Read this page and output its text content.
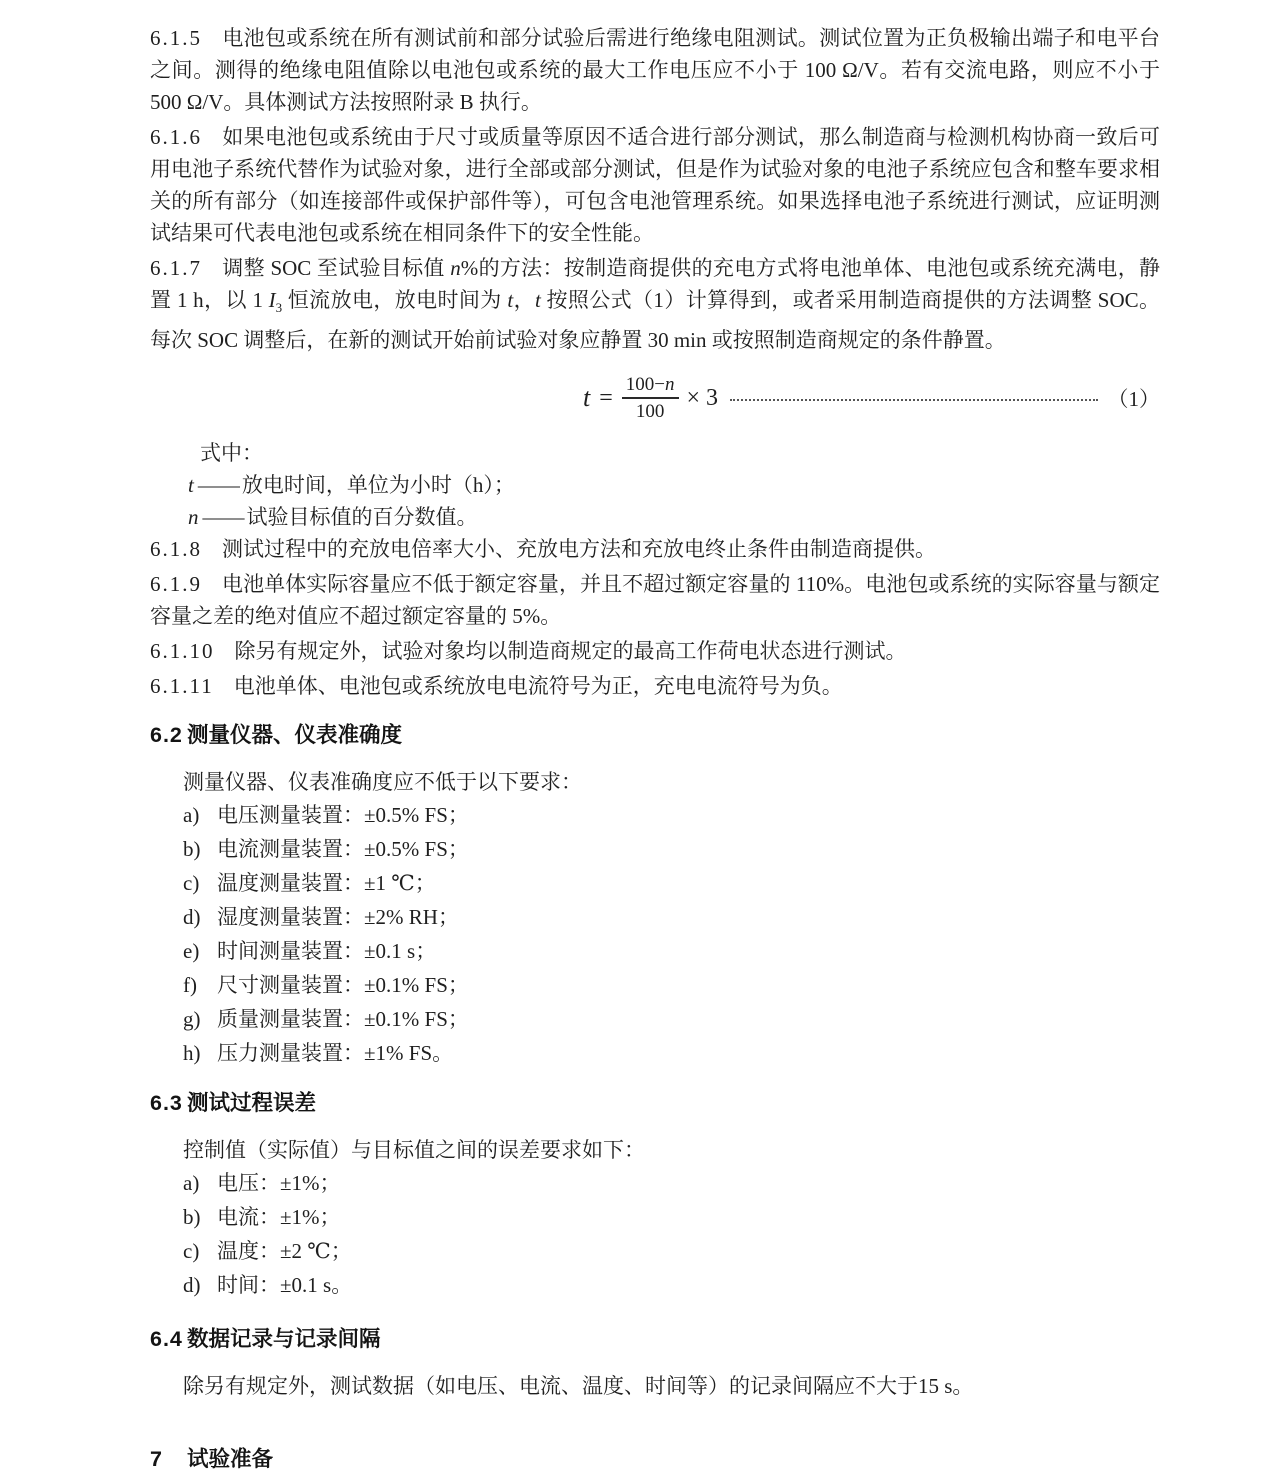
6.1.5 电池包或系统在所有测试前和部分试验后需进行绝缘电阻测试。测试位置为正负极输出端子和电平台之间。测得的绝缘电阻值除以电池包或系统的最大工作电压应不小于 100 Ω/V。若有交流电路，则应不小于 500 Ω/V。具体测试方法按照附录 B 执行。

6.1.6 如果电池包或系统由于尺寸或质量等原因不适合进行部分测试，那么制造商与检测机构协商一致后可用电池子系统代替作为试验对象，进行全部或部分测试，但是作为试验对象的电池子系统应包含和整车要求相关的所有部分（如连接部件或保护部件等），可包含电池管理系统。如果选择电池子系统进行测试，应证明测试结果可代表电池包或系统在相同条件下的安全性能。

6.1.7 调整 SOC 至试验目标值 n%的方法：按制造商提供的充电方式将电池单体、电池包或系统充满电，静置 1 h，以 1 $I_3$ 恒流放电，放电时间为 t，t 按照公式（1）计算得到，或者采用制造商提供的方法调整 SOC。每次 SOC 调整后，在新的测试开始前试验对象应静置 30 min 或按照制造商规定的条件静置。

$t = \frac{100-n}{100} \times 3$	（1）

式中：

t ——放电时间，单位为小时（h）；

n ——试验目标值的百分数值。

6.1.8 测试过程中的充放电倍率大小、充放电方法和充放电终止条件由制造商提供。

6.1.9 电池单体实际容量应不低于额定容量，并且不超过额定容量的 110%。电池包或系统的实际容量与额定容量之差的绝对值应不超过额定容量的 5%。

6.1.10 除另有规定外，试验对象均以制造商规定的最高工作荷电状态进行测试。

6.1.11 电池单体、电池包或系统放电电流符号为正，充电电流符号为负。

6.2 测量仪器、仪表准确度

测量仪器、仪表准确度应不低于以下要求：

a) 电压测量装置：±0.5% FS；

b) 电流测量装置：±0.5% FS；

c) 温度测量装置：±1 ℃；

d) 湿度测量装置：±2% RH；

e) 时间测量装置：±0.1 s；

f) 尺寸测量装置：±0.1% FS；

g) 质量测量装置：±0.1% FS；

h) 压力测量装置：±1% FS。

6.3 测试过程误差

控制值（实际值）与目标值之间的误差要求如下：

a) 电压：±1%；

b) 电流：±1%；

c) 温度：±2 ℃；

d) 时间：±0.1 s。

6.4 数据记录与记录间隔

除另有规定外，测试数据（如电压、电流、温度、时间等）的记录间隔应不大于15 s。

7 试验准备
